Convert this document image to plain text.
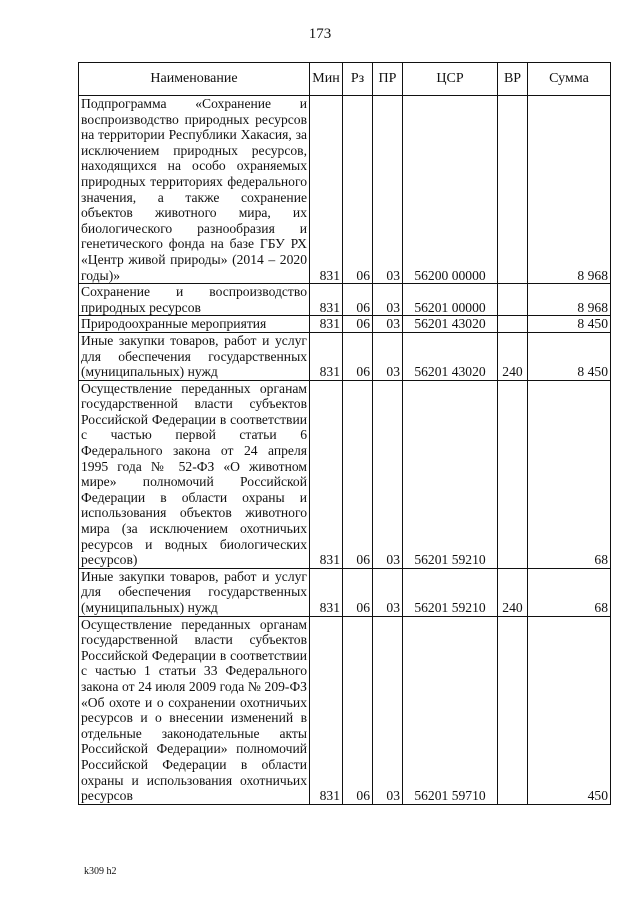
173
Наименование	Мин	Рз	ПР	ЦСР	ВР	Сумма
Подпрограмма «Сохранение и воспроизводство природных ресурсов на территории Республики Хакасия, за исключением природных ресурсов, находящихся на особо охраняемых природных территориях федерального значения, а также сохранение объектов животного мира, их биологического разнообразия и генетического фонда на базе ГБУ РХ «Центр живой природы» (2014 – 2020 годы)»	831	06	03	56200 00000		8 968
Сохранение и воспроизводство природных ресурсов	831	06	03	56201 00000		8 968
Природоохранные мероприятия	831	06	03	56201 43020		8 450
Иные закупки товаров, работ и услуг для обеспечения государственных (муниципальных) нужд	831	06	03	56201 43020	240	8 450
Осуществление переданных органам государственной власти субъектов Российской Федерации в соответствии с частью первой статьи 6 Федерального закона от 24 апреля 1995 года № 52-ФЗ «О животном мире» полномочий Российской Федерации в области охраны и использования объектов животного мира (за исключением охотничьих ресурсов и водных биологических ресурсов)	831	06	03	56201 59210		68
Иные закупки товаров, работ и услуг для обеспечения государственных (муниципальных) нужд	831	06	03	56201 59210	240	68
Осуществление переданных органам государственной власти субъектов Российской Федерации в соответствии с частью 1 статьи 33 Федерального закона от 24 июля 2009 года № 209-ФЗ «Об охоте и о сохранении охотничьих ресурсов и о внесении изменений в отдельные законодательные акты Российской Федерации» полномочий Российской Федерации в области охраны и использования охотничьих ресурсов	831	06	03	56201 59710		450
k309 h2
